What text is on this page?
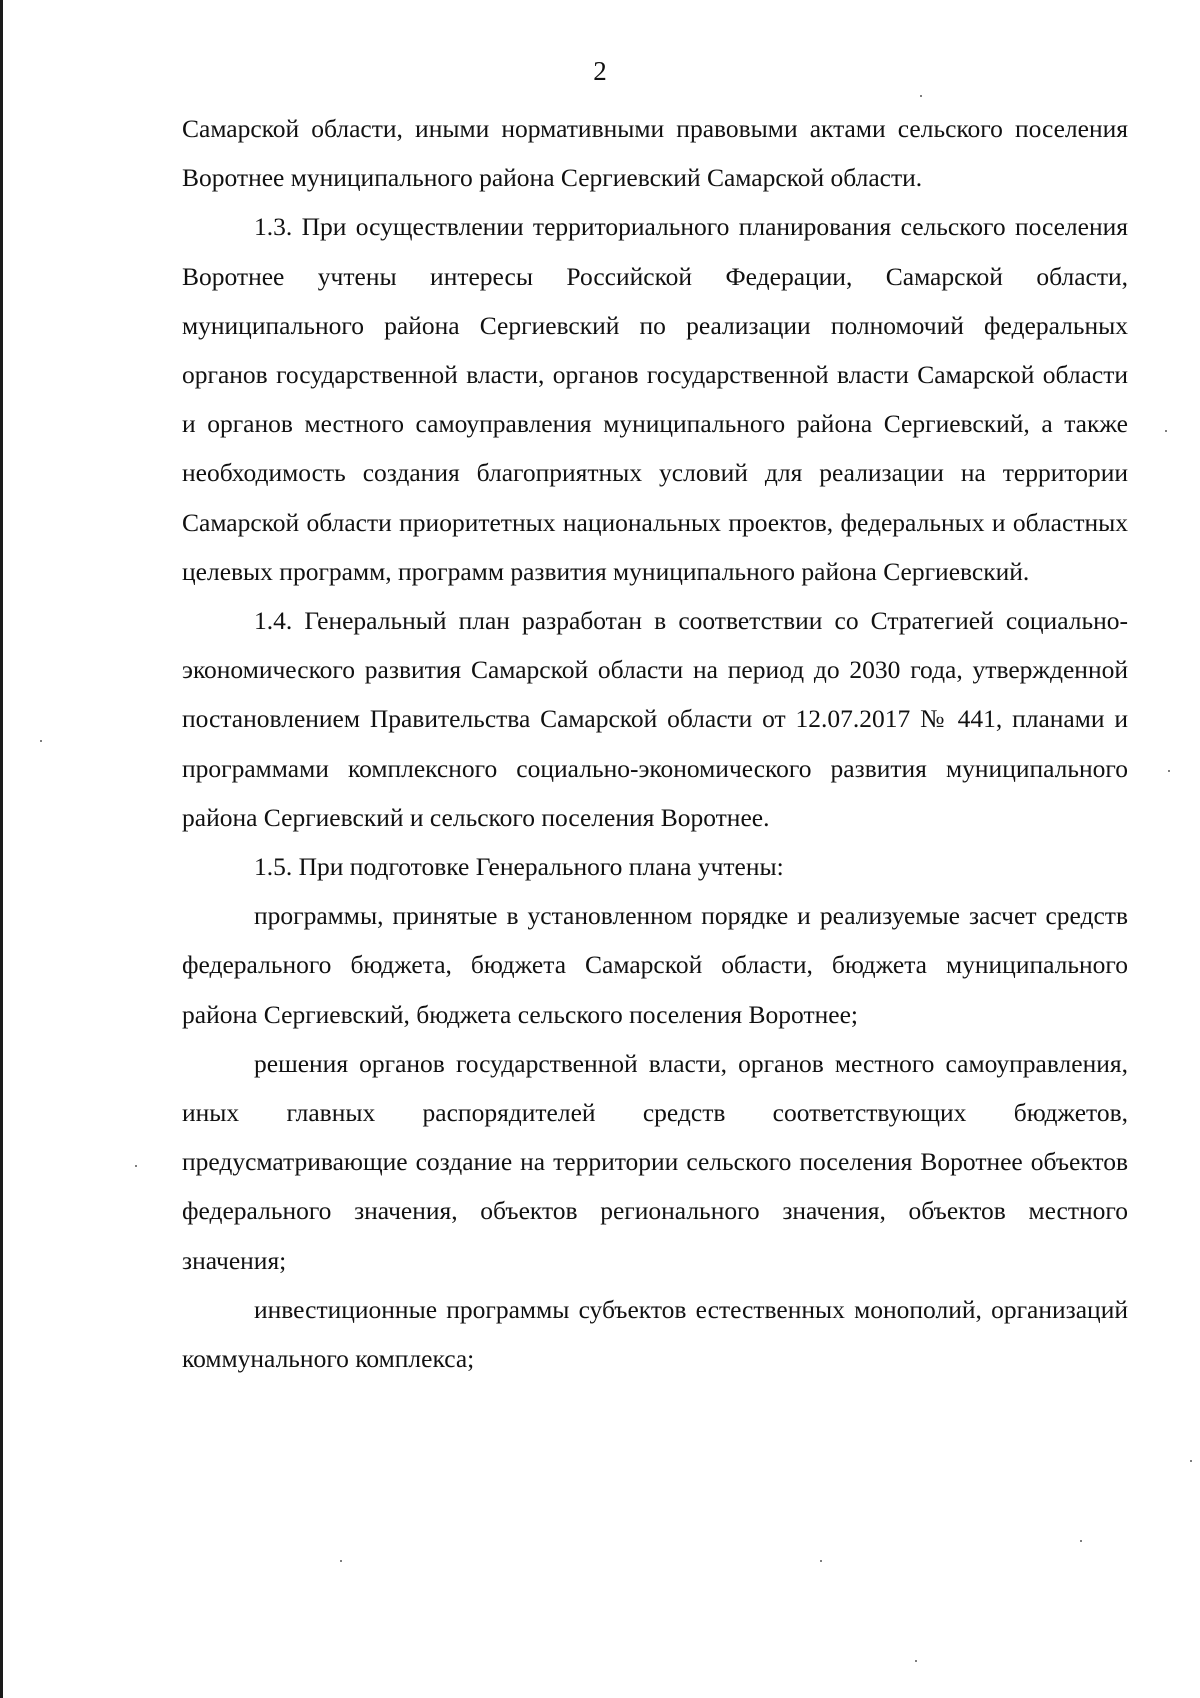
2

Самарской области, иными нормативными правовыми актами сельского поселения Воротнее муниципального района Сергиевский Самарской области.

1.3. При осуществлении территориального планирования сельского поселения Воротнее учтены интересы Российской Федерации, Самарской области, муниципального района Сергиевский по реализации полномочий федеральных органов государственной власти, органов государственной власти Самарской области и органов местного самоуправления муниципального района Сергиевский, а также необходимость создания благоприятных условий для реализации на территории Самарской области приоритетных национальных проектов, федеральных и областных целевых программ, программ развития муниципального района Сергиевский.

1.4. Генеральный план разработан в соответствии со Стратегией социально-экономического развития Самарской области на период до 2030 года, утвержденной постановлением Правительства Самарской области от 12.07.2017 № 441, планами и программами комплексного социально-экономического развития муниципального района Сергиевский и сельского поселения Воротнее.

1.5. При подготовке Генерального плана учтены:

программы, принятые в установленном порядке и реализуемые засчет средств федерального бюджета, бюджета Самарской области, бюджета муниципального района Сергиевский, бюджета сельского поселения Воротнее;

решения органов государственной власти, органов местного самоуправления, иных главных распорядителей средств соответствующих бюджетов, предусматривающие создание на территории сельского поселения Воротнее объектов федерального значения, объектов регионального значения, объектов местного значения;

инвестиционные программы субъектов естественных монополий, организаций коммунального комплекса;
